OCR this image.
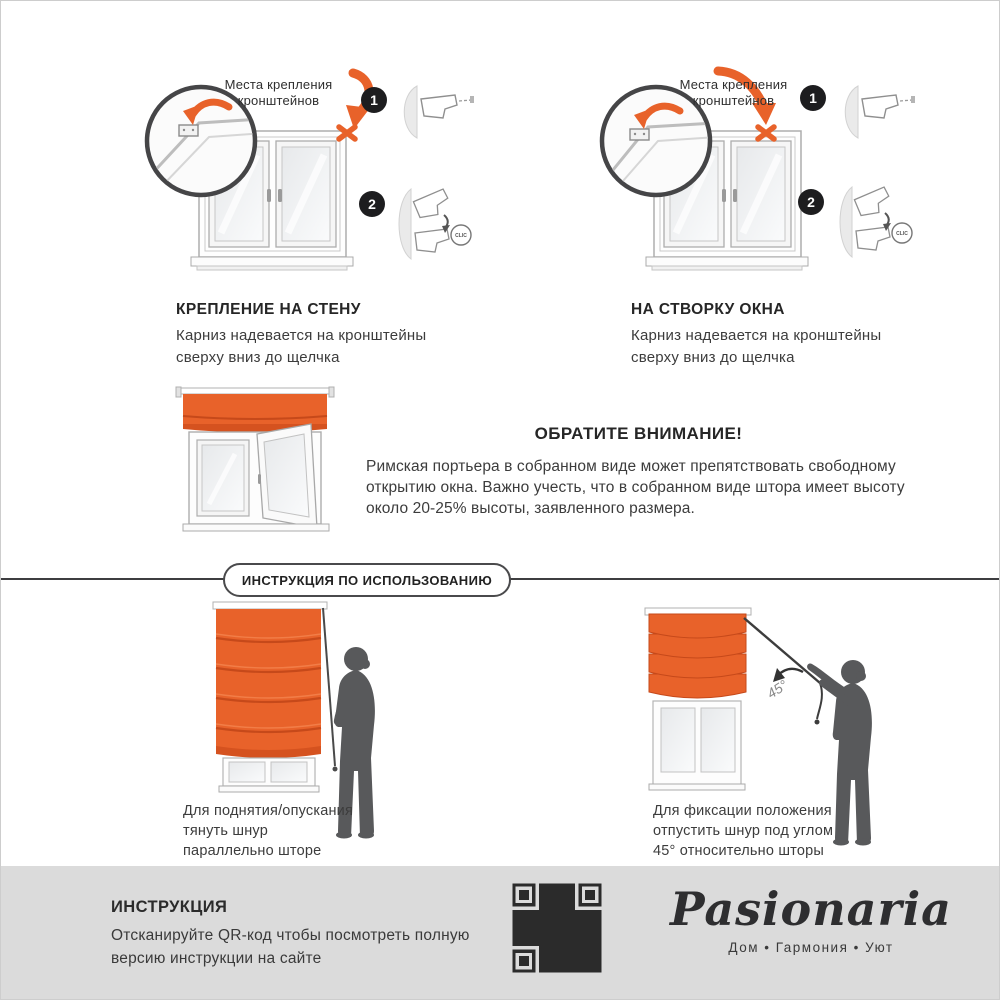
Места крепления кронштейнов	1
2
CLIC
КРЕПЛЕНИЕ НА СТЕНУ
Карниз надевается на кронштейны
сверху вниз до щелчка
Места крепления кронштейнов	1
2
CLIC
НА СТВОРКУ ОКНА
Карниз надевается на кронштейны
сверху вниз до щелчка
ОБРАТИТЕ ВНИМАНИЕ!
Римская портьера в собранном виде может препятствовать свободному
открытию окна. Важно учесть, что в собранном виде штора имеет высоту
около 20-25% высоты, заявленного размера.
ИНСТРУКЦИЯ ПО ИСПОЛЬЗОВАНИЮ
Для поднятия/опускания
тянуть шнур
параллельно шторе
45°
Для фиксации положения
отпустить шнур под углом
45° относительно шторы
ИНСТРУКЦИЯ
Отсканируйте QR-код чтобы посмотреть полную
версию инструкции на сайте
Pasionaria
Дом • Гармония • Уют
